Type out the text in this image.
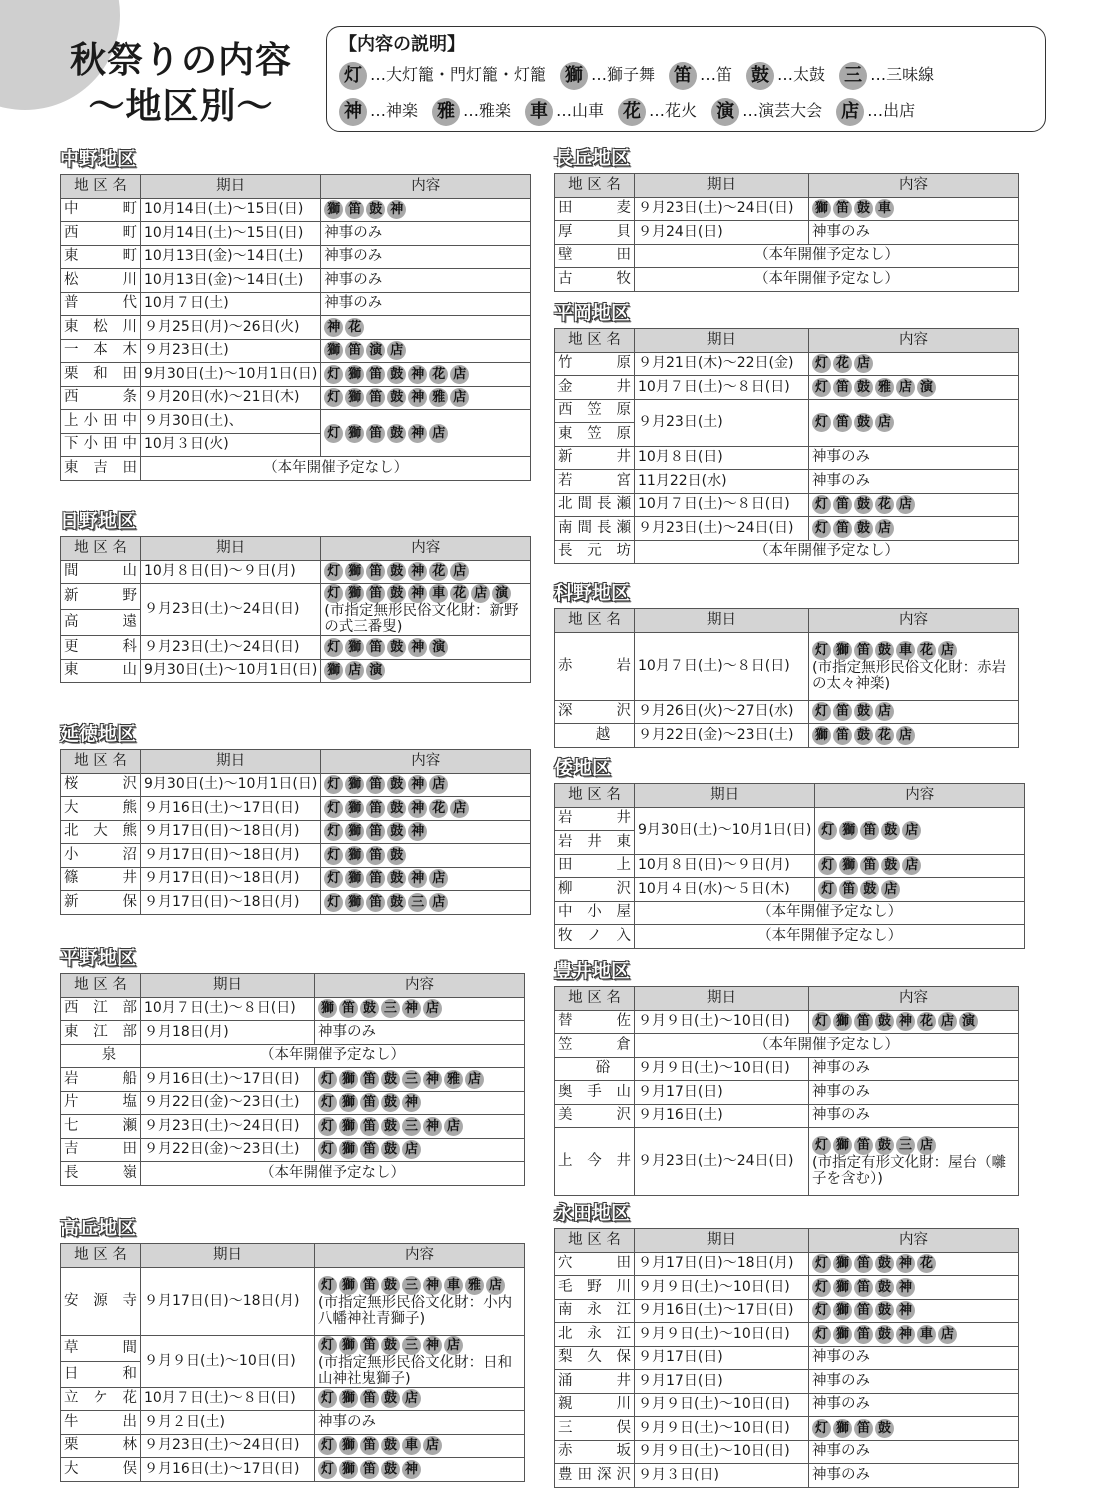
秋祭りの内容
～地区別～
【内容の説明】
灯 …大灯籠・門灯籠・灯籠 獅 …獅子舞 笛 …笛 鼓 …太鼓 三 …三味線
神 …神楽 雅 …雅楽 車 …山車 花 …花火 演 …演芸大会 店 …出店
中野地区
地 区 名	期日	内容
中町	10月14日(土)～15日(日)	獅 笛 鼓 神

西町	10月14日(土)～15日(日)	神事のみ

東町	10月13日(金)～14日(土)	神事のみ

松川	10月13日(金)～14日(土)	神事のみ

普代	10月７日(土)	神事のみ

東松川	９月25日(月)～26日(火)	神 花

一本木	９月23日(土)	獅 笛 演 店

栗和田	9月30日(土)～10月1日(日)	灯 獅 笛 鼓 神 花 店

西条	９月20日(水)～21日(木)	灯 獅 笛 鼓 神 雅 店

上小田中	９月30日(土)、	灯 獅 笛 鼓 神 店

下小田中	10月３日(火)	
東吉田	（本年開催予定なし）	
日野地区
地 区 名	期日	内容
間山	10月８日(日)～９日(月)	灯 獅 笛 鼓 神 花 店

新野	９月23日(土)～24日(日)	灯 獅 笛 鼓 神 車 花 店 演
(市指定無形民俗文化財：新野の式三番叟)

高遠		
更科	９月23日(土)～24日(日)	灯 獅 笛 鼓 神 演

東山	9月30日(土)～10月1日(日)	獅 店 演
延徳地区
地 区 名	期日	内容
桜沢	9月30日(土)～10月1日(日)	灯 獅 笛 鼓 神 店

大熊	９月16日(土)～17日(日)	灯 獅 笛 鼓 神 花 店

北大熊	９月17日(日)～18日(月)	灯 獅 笛 鼓 神

小沼	９月17日(日)～18日(月)	灯 獅 笛 鼓

篠井	９月17日(日)～18日(月)	灯 獅 笛 鼓 神 店

新保	９月17日(日)～18日(月)	灯 獅 笛 鼓 三 店
平野地区
地 区 名	期日	内容
西江部	10月７日(土)～８日(日)	獅 笛 鼓 三 神 店

東江部	９月18日(月)	神事のみ

泉	（本年開催予定なし）	
岩船	９月16日(土)～17日(日)	灯 獅 笛 鼓 三 神 雅 店

片塩	９月22日(金)～23日(土)	灯 獅 笛 鼓 神

七瀬	９月23日(土)～24日(日)	灯 獅 笛 鼓 三 神 店

吉田	９月22日(金)～23日(土)	灯 獅 笛 鼓 店

長嶺	（本年開催予定なし）	
高丘地区
地 区 名	期日	内容
安源寺	９月17日(日)～18日(月)	灯 獅 笛 鼓 三 神 車 雅 店
(市指定無形民俗文化財：小内八幡神社青獅子)

草間	９月９日(土)～10日(日)	灯 獅 笛 鼓 三 神 店
(市指定無形民俗文化財：日和山神社鬼獅子)

日和		
立ケ花	10月７日(土)～８日(日)	灯 獅 笛 鼓 店

牛出	９月２日(土)	神事のみ

栗林	９月23日(土)～24日(日)	灯 獅 笛 鼓 車 店

大俣	９月16日(土)～17日(日)	灯 獅 笛 鼓 神
長丘地区
地 区 名	期日	内容
田麦	９月23日(土)～24日(日)	獅 笛 鼓 車

厚貝	９月24日(日)	神事のみ

壁田	（本年開催予定なし）	
古牧	（本年開催予定なし）	
平岡地区
地 区 名	期日	内容
竹原	９月21日(木)～22日(金)	灯 花 店

金井	10月７日(土)～８日(日)	灯 笛 鼓 雅 店 演

西笠原	９月23日(土)	灯 笛 鼓 店

東笠原		
新井	10月８日(日)	神事のみ

若宮	11月22日(水)	神事のみ

北間長瀬	10月７日(土)～８日(日)	灯 笛 鼓 花 店

南間長瀬	９月23日(土)～24日(日)	灯 笛 鼓 店

長元坊	（本年開催予定なし）	
科野地区
地 区 名	期日	内容
赤岩	10月７日(土)～８日(日)	灯 獅 笛 鼓 車 花 店
(市指定無形民俗文化財：赤岩の太々神楽)

深沢	９月26日(火)～27日(水)	灯 笛 鼓 店

越	９月22日(金)～23日(土)	獅 笛 鼓 花 店
倭地区
地 区 名	期日	内容
岩井	9月30日(土)～10月1日(日)	灯 獅 笛 鼓 店

岩井東		
田上	10月８日(日)～９日(月)	灯 獅 笛 鼓 店

柳沢	10月４日(水)～５日(木)	灯 笛 鼓 店

中小屋	（本年開催予定なし）	
牧ノ入	（本年開催予定なし）	
豊井地区
地 区 名	期日	内容
替佐	９月９日(土)～10日(日)	灯 獅 笛 鼓 神 花 店 演

笠倉	（本年開催予定なし）	
硲	９月９日(土)～10日(日)	神事のみ

奥手山	９月17日(日)	神事のみ

美沢	９月16日(土)	神事のみ

上今井	９月23日(土)～24日(日)	灯 獅 笛 鼓 三 店
(市指定有形文化財：屋台（囃子を含む）)
永田地区
地 区 名	期日	内容
穴田	９月17日(日)～18日(月)	灯 獅 笛 鼓 神 花

毛野川	９月９日(土)～10日(日)	灯 獅 笛 鼓 神

南永江	９月16日(土)～17日(日)	灯 獅 笛 鼓 神

北永江	９月９日(土)～10日(日)	灯 獅 笛 鼓 神 車 店

梨久保	９月17日(日)	神事のみ

涌井	９月17日(日)	神事のみ

親川	９月９日(土)～10日(日)	神事のみ

三俣	９月９日(土)～10日(日)	灯 獅 笛 鼓

赤坂	９月９日(土)～10日(日)	神事のみ

豊田深沢	９月３日(日)	神事のみ
